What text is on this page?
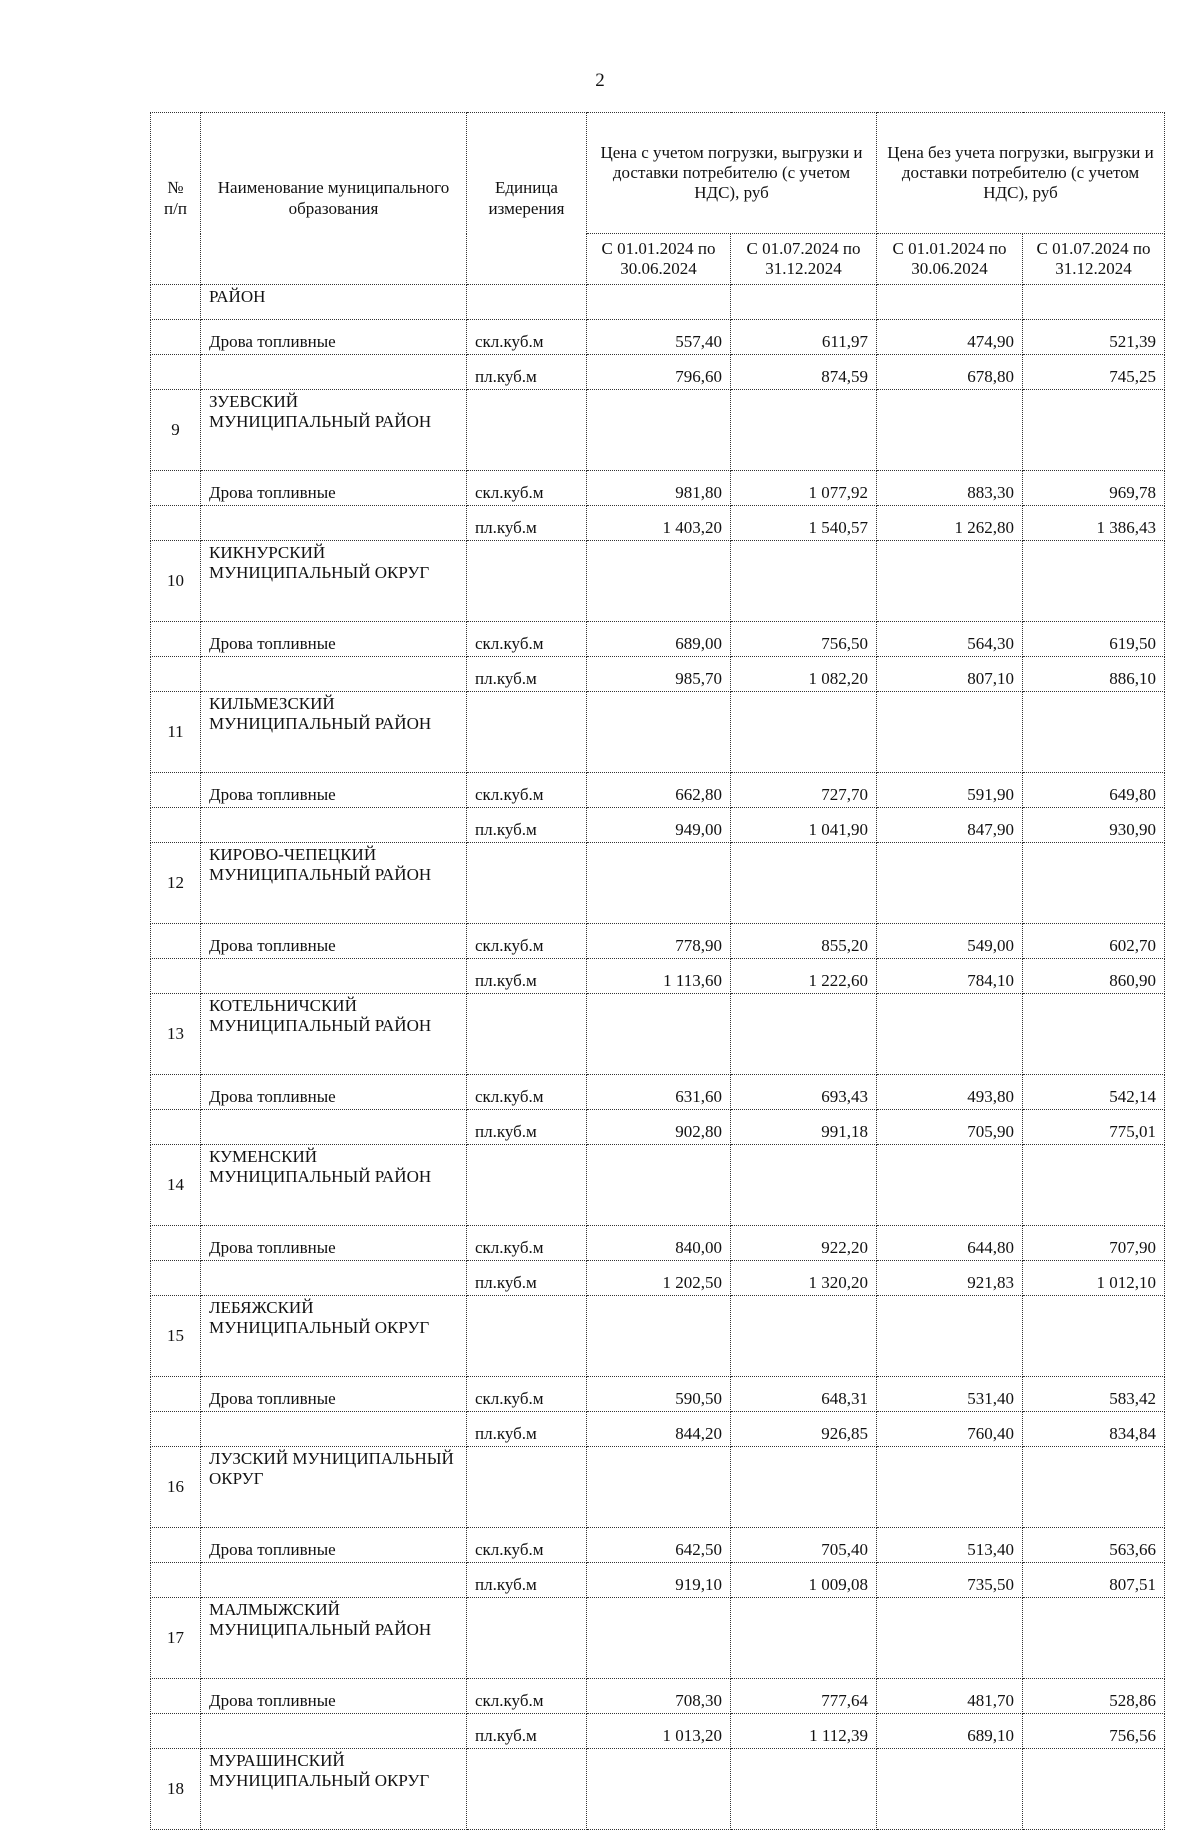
2
№ п/п	Наименование муниципального образования	Единица измерения	Цена с учетом погрузки, выгрузки и доставки потребителю (с учетом НДС), руб		Цена без учета погрузки, выгрузки и доставки потребителю (с учетом НДС), руб	
			С 01.01.2024 по 30.06.2024	С 01.07.2024 по 31.12.2024	С 01.01.2024 по 30.06.2024	С 01.07.2024 по 31.12.2024
	РАЙОН					
	Дрова топливные	скл.куб.м	557,40	611,97	474,90	521,39
		пл.куб.м	796,60	874,59	678,80	745,25
9	ЗУЕВСКИЙ МУНИЦИПАЛЬНЫЙ РАЙОН					
	Дрова топливные	скл.куб.м	981,80	1 077,92	883,30	969,78
		пл.куб.м	1 403,20	1 540,57	1 262,80	1 386,43
10	КИКНУРСКИЙ МУНИЦИПАЛЬНЫЙ ОКРУГ					
	Дрова топливные	скл.куб.м	689,00	756,50	564,30	619,50
		пл.куб.м	985,70	1 082,20	807,10	886,10
11	КИЛЬМЕЗСКИЙ МУНИЦИПАЛЬНЫЙ РАЙОН					
	Дрова топливные	скл.куб.м	662,80	727,70	591,90	649,80
		пл.куб.м	949,00	1 041,90	847,90	930,90
12	КИРОВО-ЧЕПЕЦКИЙ МУНИЦИПАЛЬНЫЙ РАЙОН					
	Дрова топливные	скл.куб.м	778,90	855,20	549,00	602,70
		пл.куб.м	1 113,60	1 222,60	784,10	860,90
13	КОТЕЛЬНИЧСКИЙ МУНИЦИПАЛЬНЫЙ РАЙОН					
	Дрова топливные	скл.куб.м	631,60	693,43	493,80	542,14
		пл.куб.м	902,80	991,18	705,90	775,01
14	КУМЕНСКИЙ МУНИЦИПАЛЬНЫЙ РАЙОН					
	Дрова топливные	скл.куб.м	840,00	922,20	644,80	707,90
		пл.куб.м	1 202,50	1 320,20	921,83	1 012,10
15	ЛЕБЯЖСКИЙ МУНИЦИПАЛЬНЫЙ ОКРУГ					
	Дрова топливные	скл.куб.м	590,50	648,31	531,40	583,42
		пл.куб.м	844,20	926,85	760,40	834,84
16	ЛУЗСКИЙ МУНИЦИПАЛЬНЫЙ ОКРУГ					
	Дрова топливные	скл.куб.м	642,50	705,40	513,40	563,66
		пл.куб.м	919,10	1 009,08	735,50	807,51
17	МАЛМЫЖСКИЙ МУНИЦИПАЛЬНЫЙ РАЙОН					
	Дрова топливные	скл.куб.м	708,30	777,64	481,70	528,86
		пл.куб.м	1 013,20	1 112,39	689,10	756,56
18	МУРАШИНСКИЙ МУНИЦИПАЛЬНЫЙ ОКРУГ					
